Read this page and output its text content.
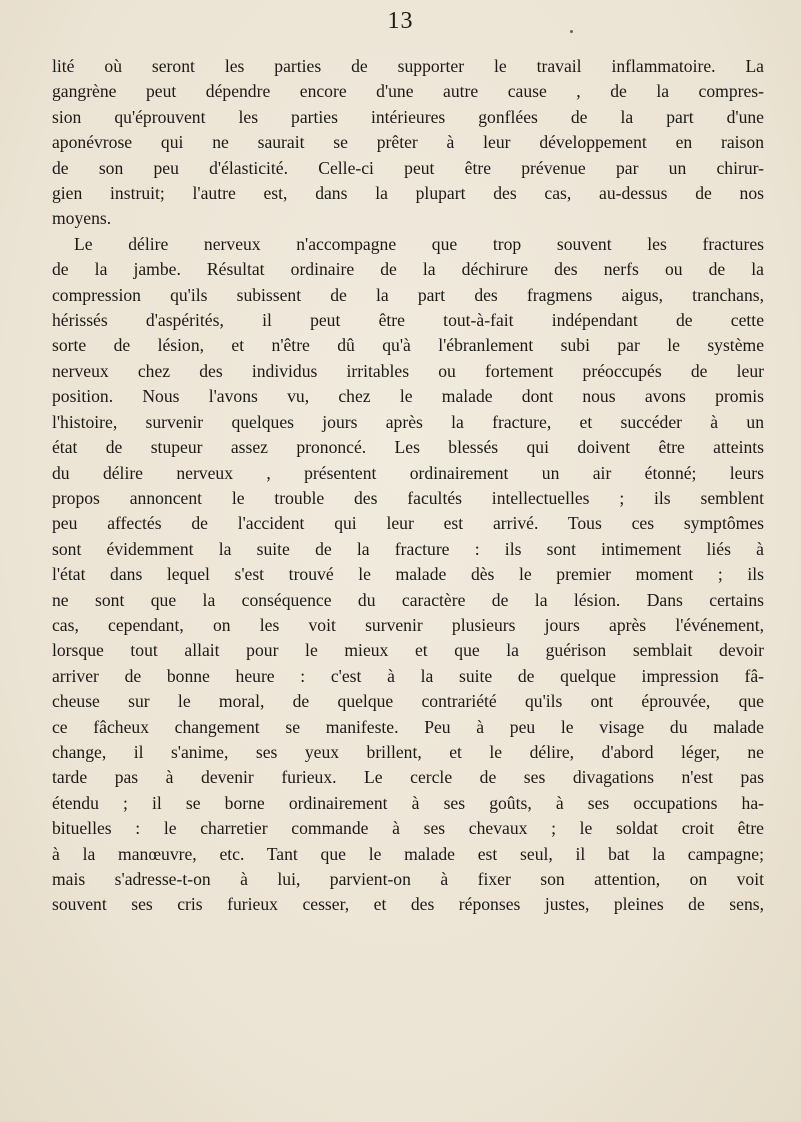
13

lité où seront les parties de supporter le travail inflammatoire. La
gangrène peut dépendre encore d'une autre cause , de la compres-
sion qu'éprouvent les parties intérieures gonflées de la part d'une
aponévrose qui ne saurait se prêter à leur développement en raison
de son peu d'élasticité. Celle-ci peut être prévenue par un chirur-
gien instruit; l'autre est, dans la plupart des cas, au-dessus de nos
moyens.

Le délire nerveux n'accompagne que trop souvent les fractures
de la jambe. Résultat ordinaire de la déchirure des nerfs ou de la
compression qu'ils subissent de la part des fragmens aigus, tranchans,
hérissés d'aspérités, il peut être tout-à-fait indépendant de cette
sorte de lésion, et n'être dû qu'à l'ébranlement subi par le système
nerveux chez des individus irritables ou fortement préoccupés de leur
position. Nous l'avons vu, chez le malade dont nous avons promis
l'histoire, survenir quelques jours après la fracture, et succéder à un
état de stupeur assez prononcé. Les blessés qui doivent être atteints
du délire nerveux , présentent ordinairement un air étonné; leurs
propos annoncent le trouble des facultés intellectuelles ; ils semblent
peu affectés de l'accident qui leur est arrivé. Tous ces symptômes
sont évidemment la suite de la fracture : ils sont intimement liés à
l'état dans lequel s'est trouvé le malade dès le premier moment ; ils
ne sont que la conséquence du caractère de la lésion. Dans certains
cas, cependant, on les voit survenir plusieurs jours après l'événement,
lorsque tout allait pour le mieux et que la guérison semblait devoir
arriver de bonne heure : c'est à la suite de quelque impression fâ-
cheuse sur le moral, de quelque contrariété qu'ils ont éprouvée, que
ce fâcheux changement se manifeste. Peu à peu le visage du malade
change, il s'anime, ses yeux brillent, et le délire, d'abord léger, ne
tarde pas à devenir furieux. Le cercle de ses divagations n'est pas
étendu ; il se borne ordinairement à ses goûts, à ses occupations ha-
bituelles : le charretier commande à ses chevaux ; le soldat croit être
à la manœuvre, etc. Tant que le malade est seul, il bat la campagne;
mais s'adresse-t-on à lui, parvient-on à fixer son attention, on voit
souvent ses cris furieux cesser, et des réponses justes, pleines de sens,
